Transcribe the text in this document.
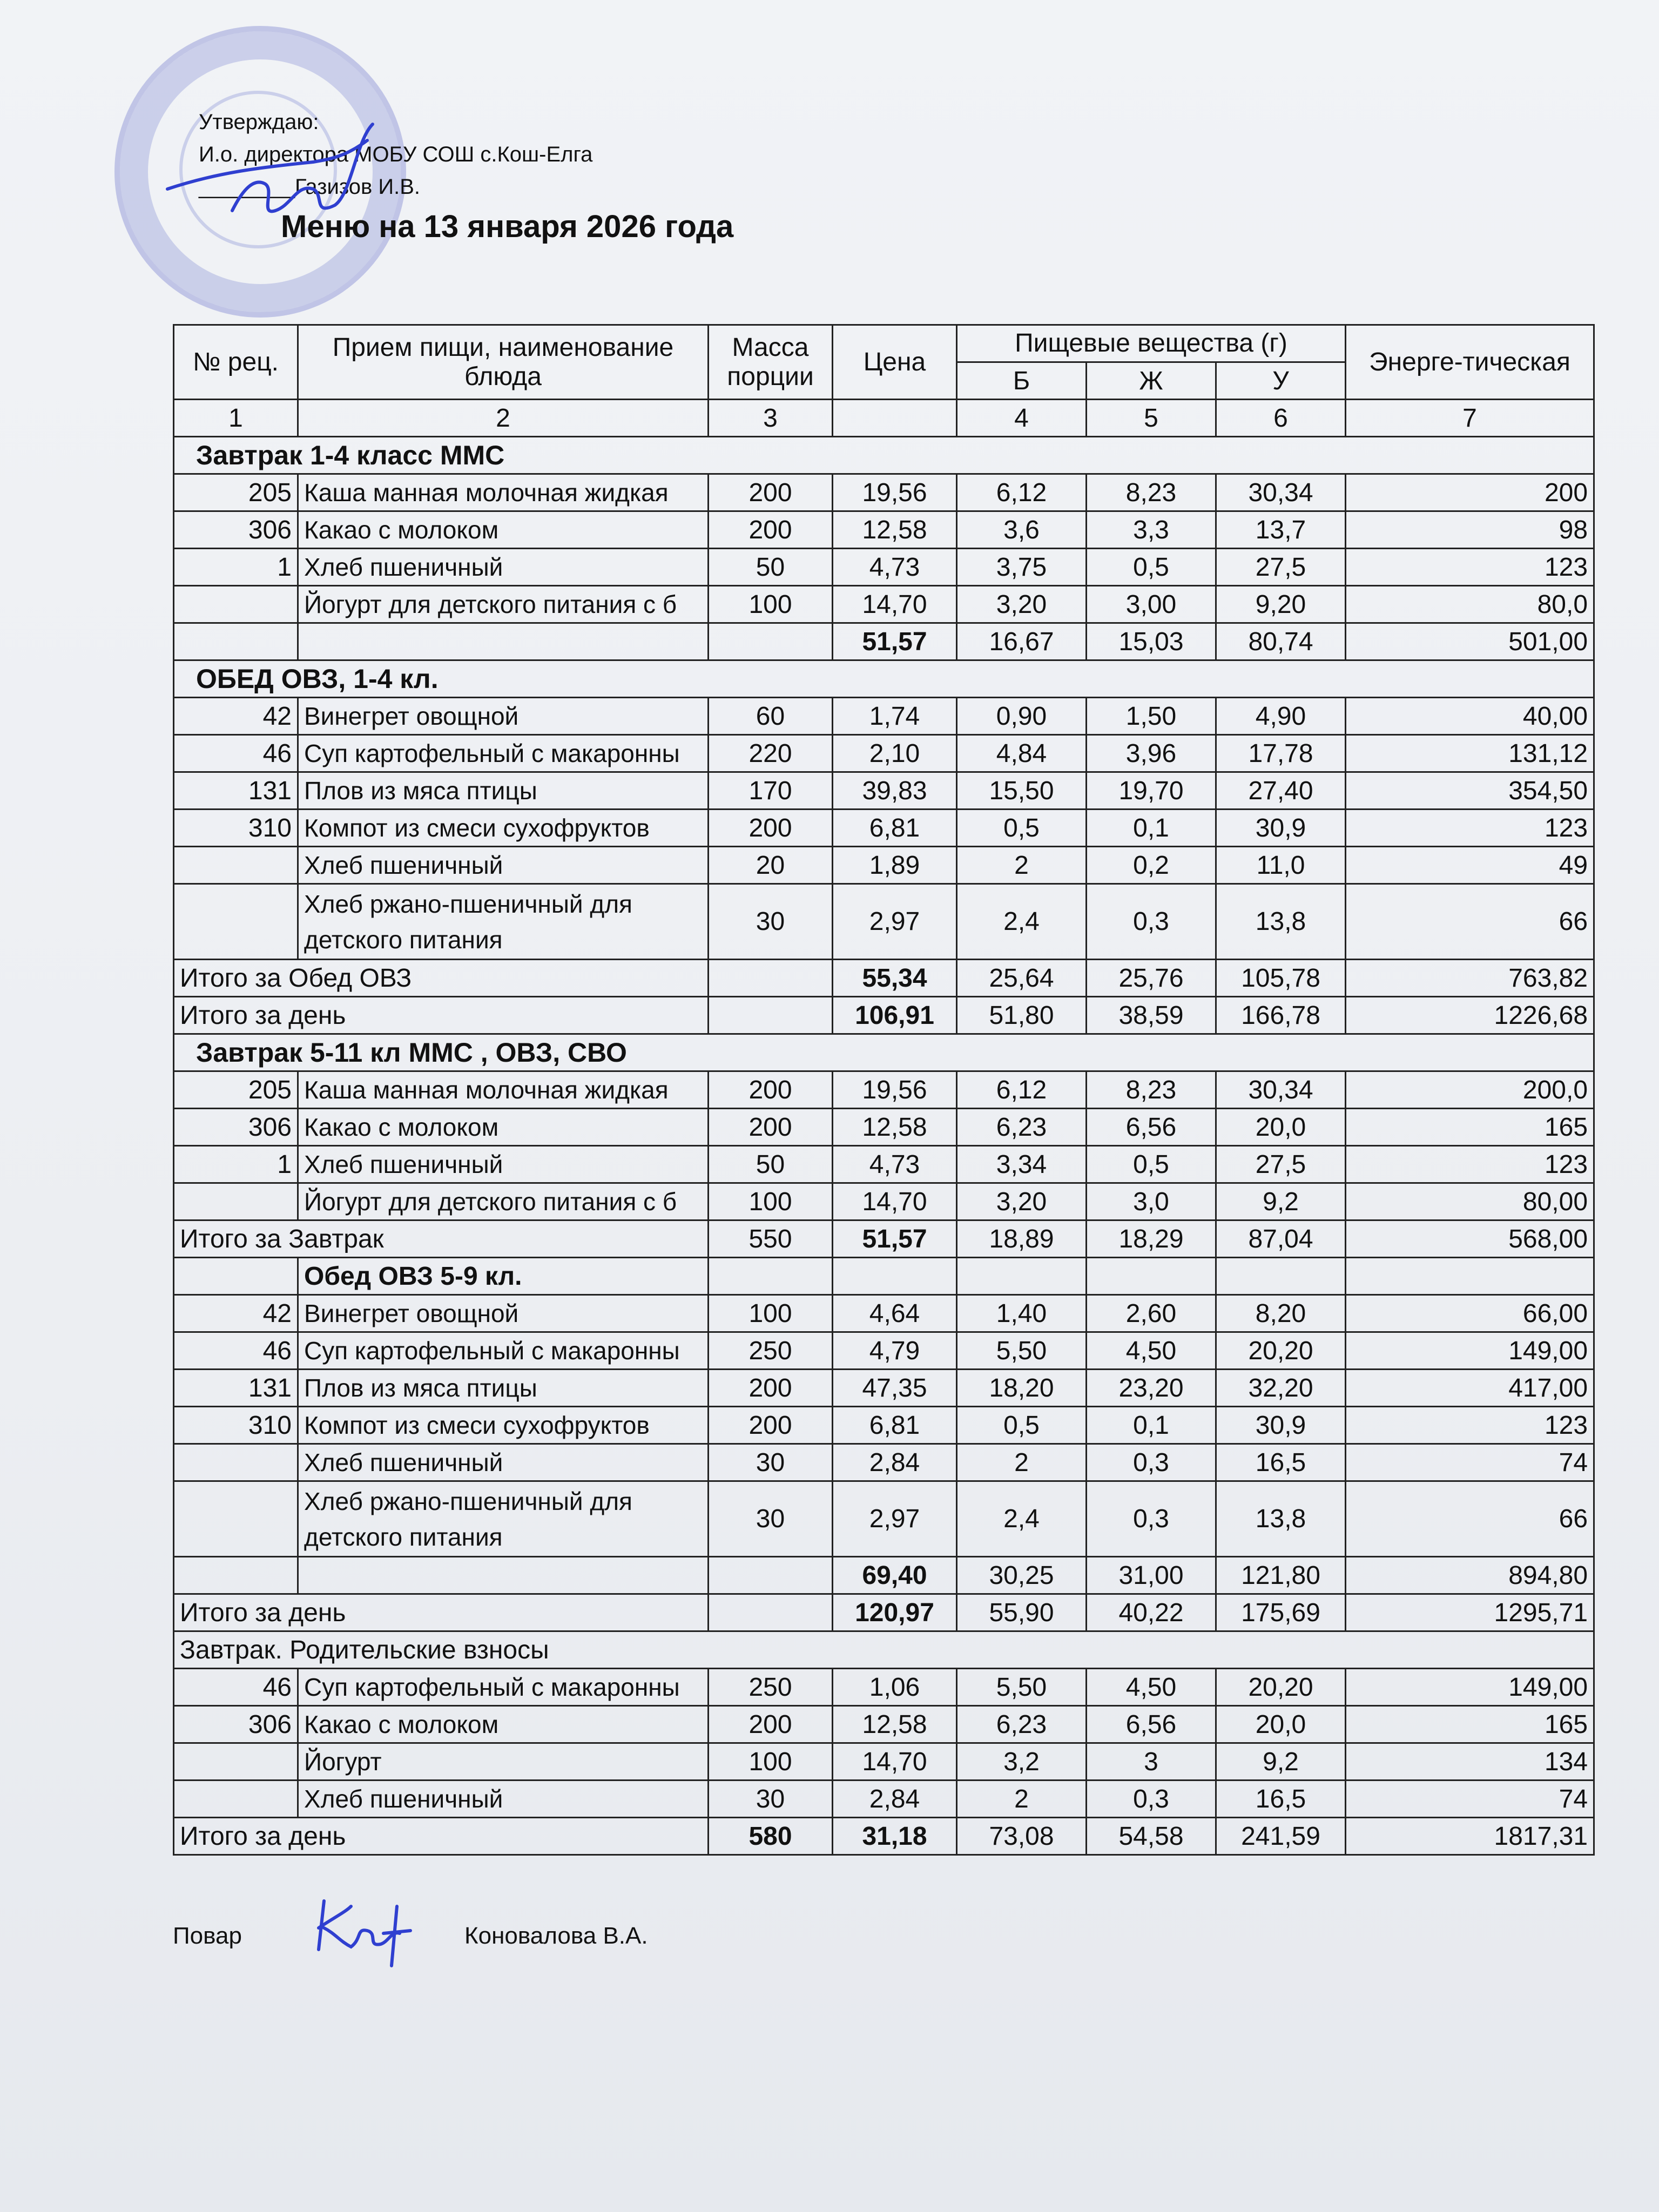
Утверждаю:
И.о. директора МОБУ СОШ с.Кош-Елга
________Газизов И.В.
Меню на 13 января 2026 года
№ рец.	Прием пищи, наименование блюда	Масса порции	Цена	Пищевые вещества (г)			Энерге-тическая
				Б	Ж	У	
1	2	3		4	5	6	7
Завтрак 1-4 класс ММС							
205	Каша манная молочная жидкая	200	19,56	6,12	8,23	30,34	200
306	Какао с молоком	200	12,58	3,6	3,3	13,7	98
1	Хлеб пшеничный	50	4,73	3,75	0,5	27,5	123
	Йогурт для детского питания с б	100	14,70	3,20	3,00	9,20	80,0
			51,57	16,67	15,03	80,74	501,00
ОБЕД ОВЗ, 1-4 кл.							
42	Винегрет овощной	60	1,74	0,90	1,50	4,90	40,00
46	Суп картофельный с макаронны	220	2,10	4,84	3,96	17,78	131,12
131	Плов из мяса птицы	170	39,83	15,50	19,70	27,40	354,50
310	Компот из смеси сухофруктов	200	6,81	0,5	0,1	30,9	123
	Хлеб пшеничный	20	1,89	2	0,2	11,0	49
	Хлеб ржано-пшеничный для детского питания	30	2,97	2,4	0,3	13,8	66
Итого за Обед ОВЗ			55,34	25,64	25,76	105,78	763,82
Итого за день			106,91	51,80	38,59	166,78	1226,68
Завтрак 5-11 кл ММС , ОВЗ, СВО							
205	Каша манная молочная жидкая	200	19,56	6,12	8,23	30,34	200,0
306	Какао с молоком	200	12,58	6,23	6,56	20,0	165
1	Хлеб пшеничный	50	4,73	3,34	0,5	27,5	123
	Йогурт для детского питания с б	100	14,70	3,20	3,0	9,2	80,00
Итого за Завтрак		550	51,57	18,89	18,29	87,04	568,00
	Обед ОВЗ 5-9 кл.						
42	Винегрет овощной	100	4,64	1,40	2,60	8,20	66,00
46	Суп картофельный с макаронны	250	4,79	5,50	4,50	20,20	149,00
131	Плов из мяса птицы	200	47,35	18,20	23,20	32,20	417,00
310	Компот из смеси сухофруктов	200	6,81	0,5	0,1	30,9	123
	Хлеб пшеничный	30	2,84	2	0,3	16,5	74
	Хлеб ржано-пшеничный для детского питания	30	2,97	2,4	0,3	13,8	66
			69,40	30,25	31,00	121,80	894,80
Итого за день			120,97	55,90	40,22	175,69	1295,71
Завтрак. Родительские взносы							
46	Суп картофельный с макаронны	250	1,06	5,50	4,50	20,20	149,00
306	Какао с молоком	200	12,58	6,23	6,56	20,0	165
	Йогурт	100	14,70	3,2	3	9,2	134
	Хлеб пшеничный	30	2,84	2	0,3	16,5	74
Итого за день		580	31,18	73,08	54,58	241,59	1817,31
Повар	Коновалова В.А.
